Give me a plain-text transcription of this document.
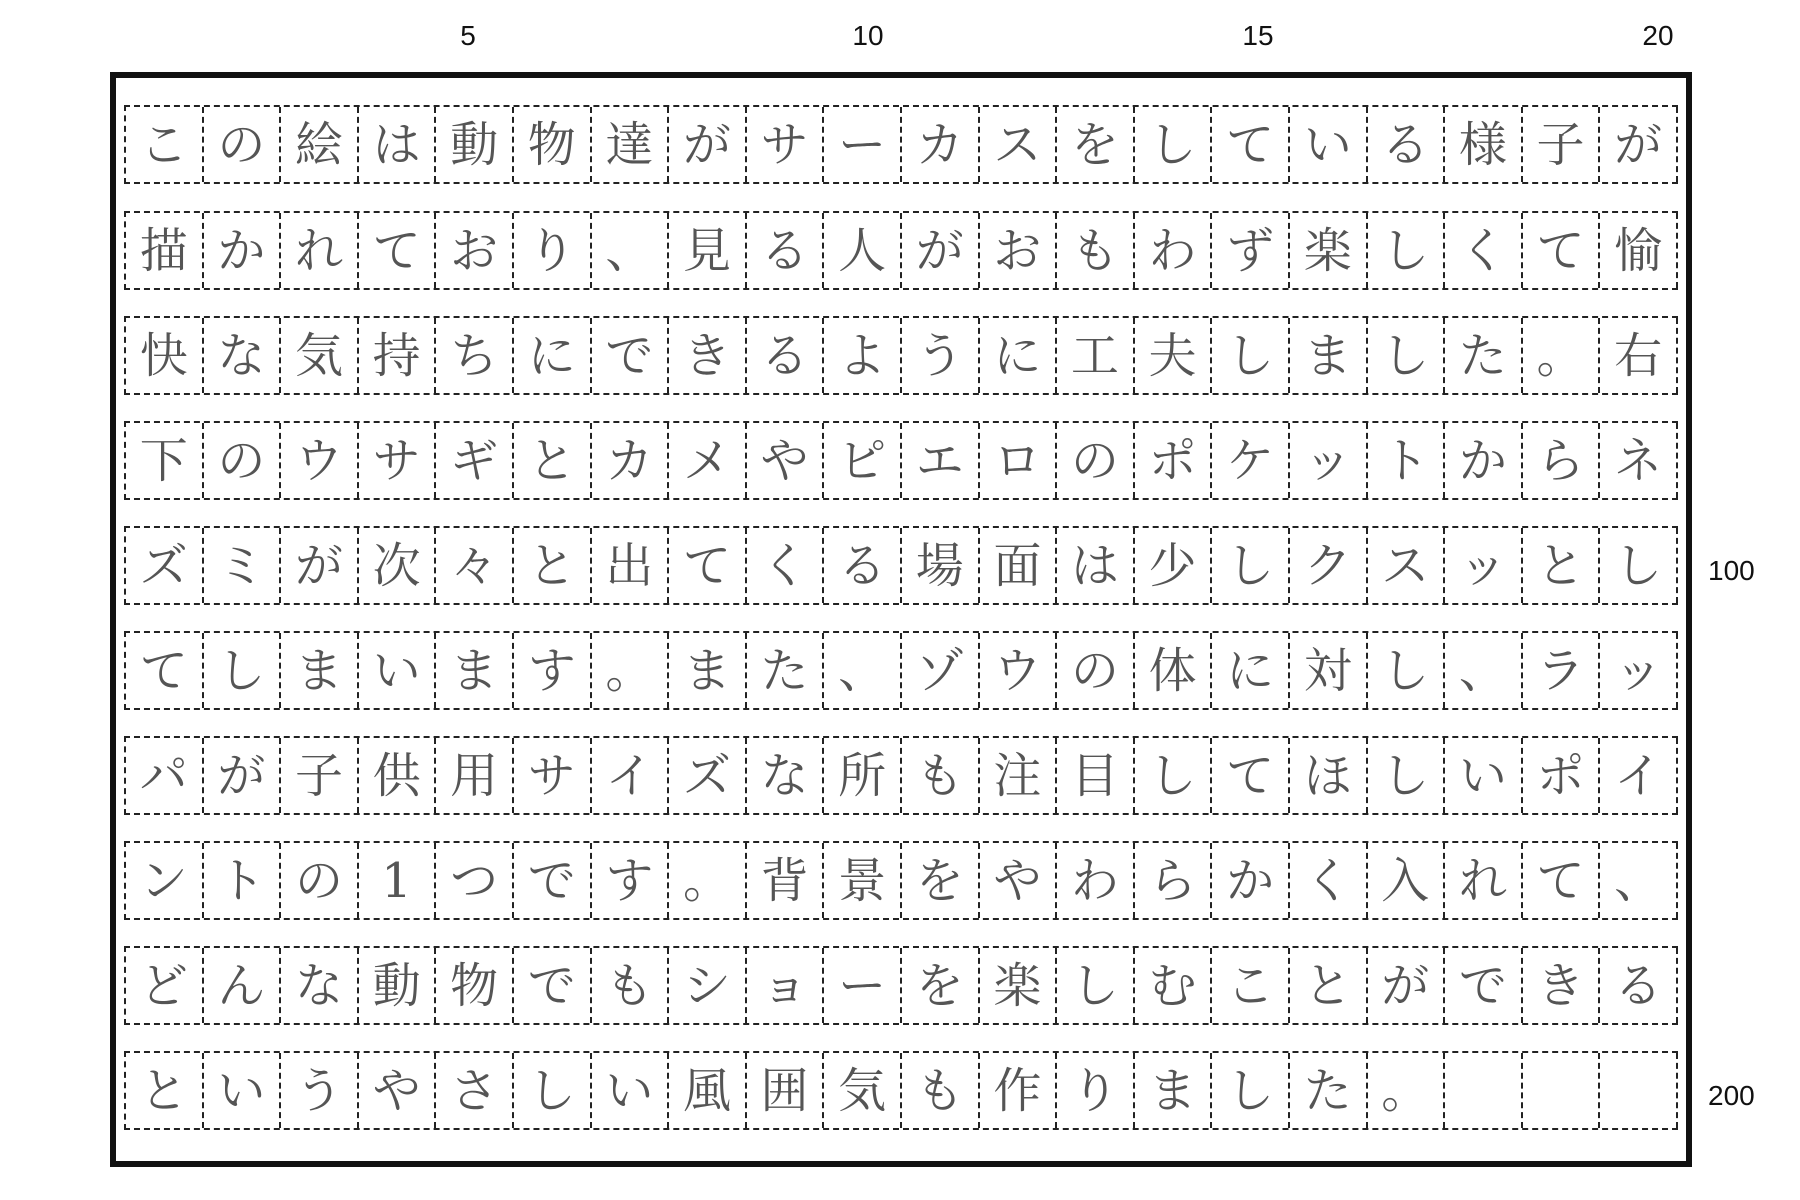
5	10	15	20
100
200
こ の 絵 は 動 物 達 が サ ー カ ス を し て い る 様 子 が
描 か れ て お り 、 見 る 人 が お も わ ず 楽 し く て 愉
快 な 気 持 ち に で き る よ う に 工 夫 し ま し た 。 右
下 の ウ サ ギ と カ メ や ピ エ ロ の ポ ケ ッ ト か ら ネ
ズ ミ が 次 々 と 出 て く る 場 面 は 少 し ク ス ッ と し
て し ま い ま す 。 ま た 、 ゾ ウ の 体 に 対 し 、 ラ ッ
パ が 子 供 用 サ イ ズ な 所 も 注 目 し て ほ し い ポ イ
ン ト の 1 つ で す 。 背 景 を や わ ら か く 入 れ て 、
ど ん な 動 物 で も シ ョ ー を 楽 し む こ と が で き る
と い う や さ し い 風 囲 気 も 作 り ま し た 。
